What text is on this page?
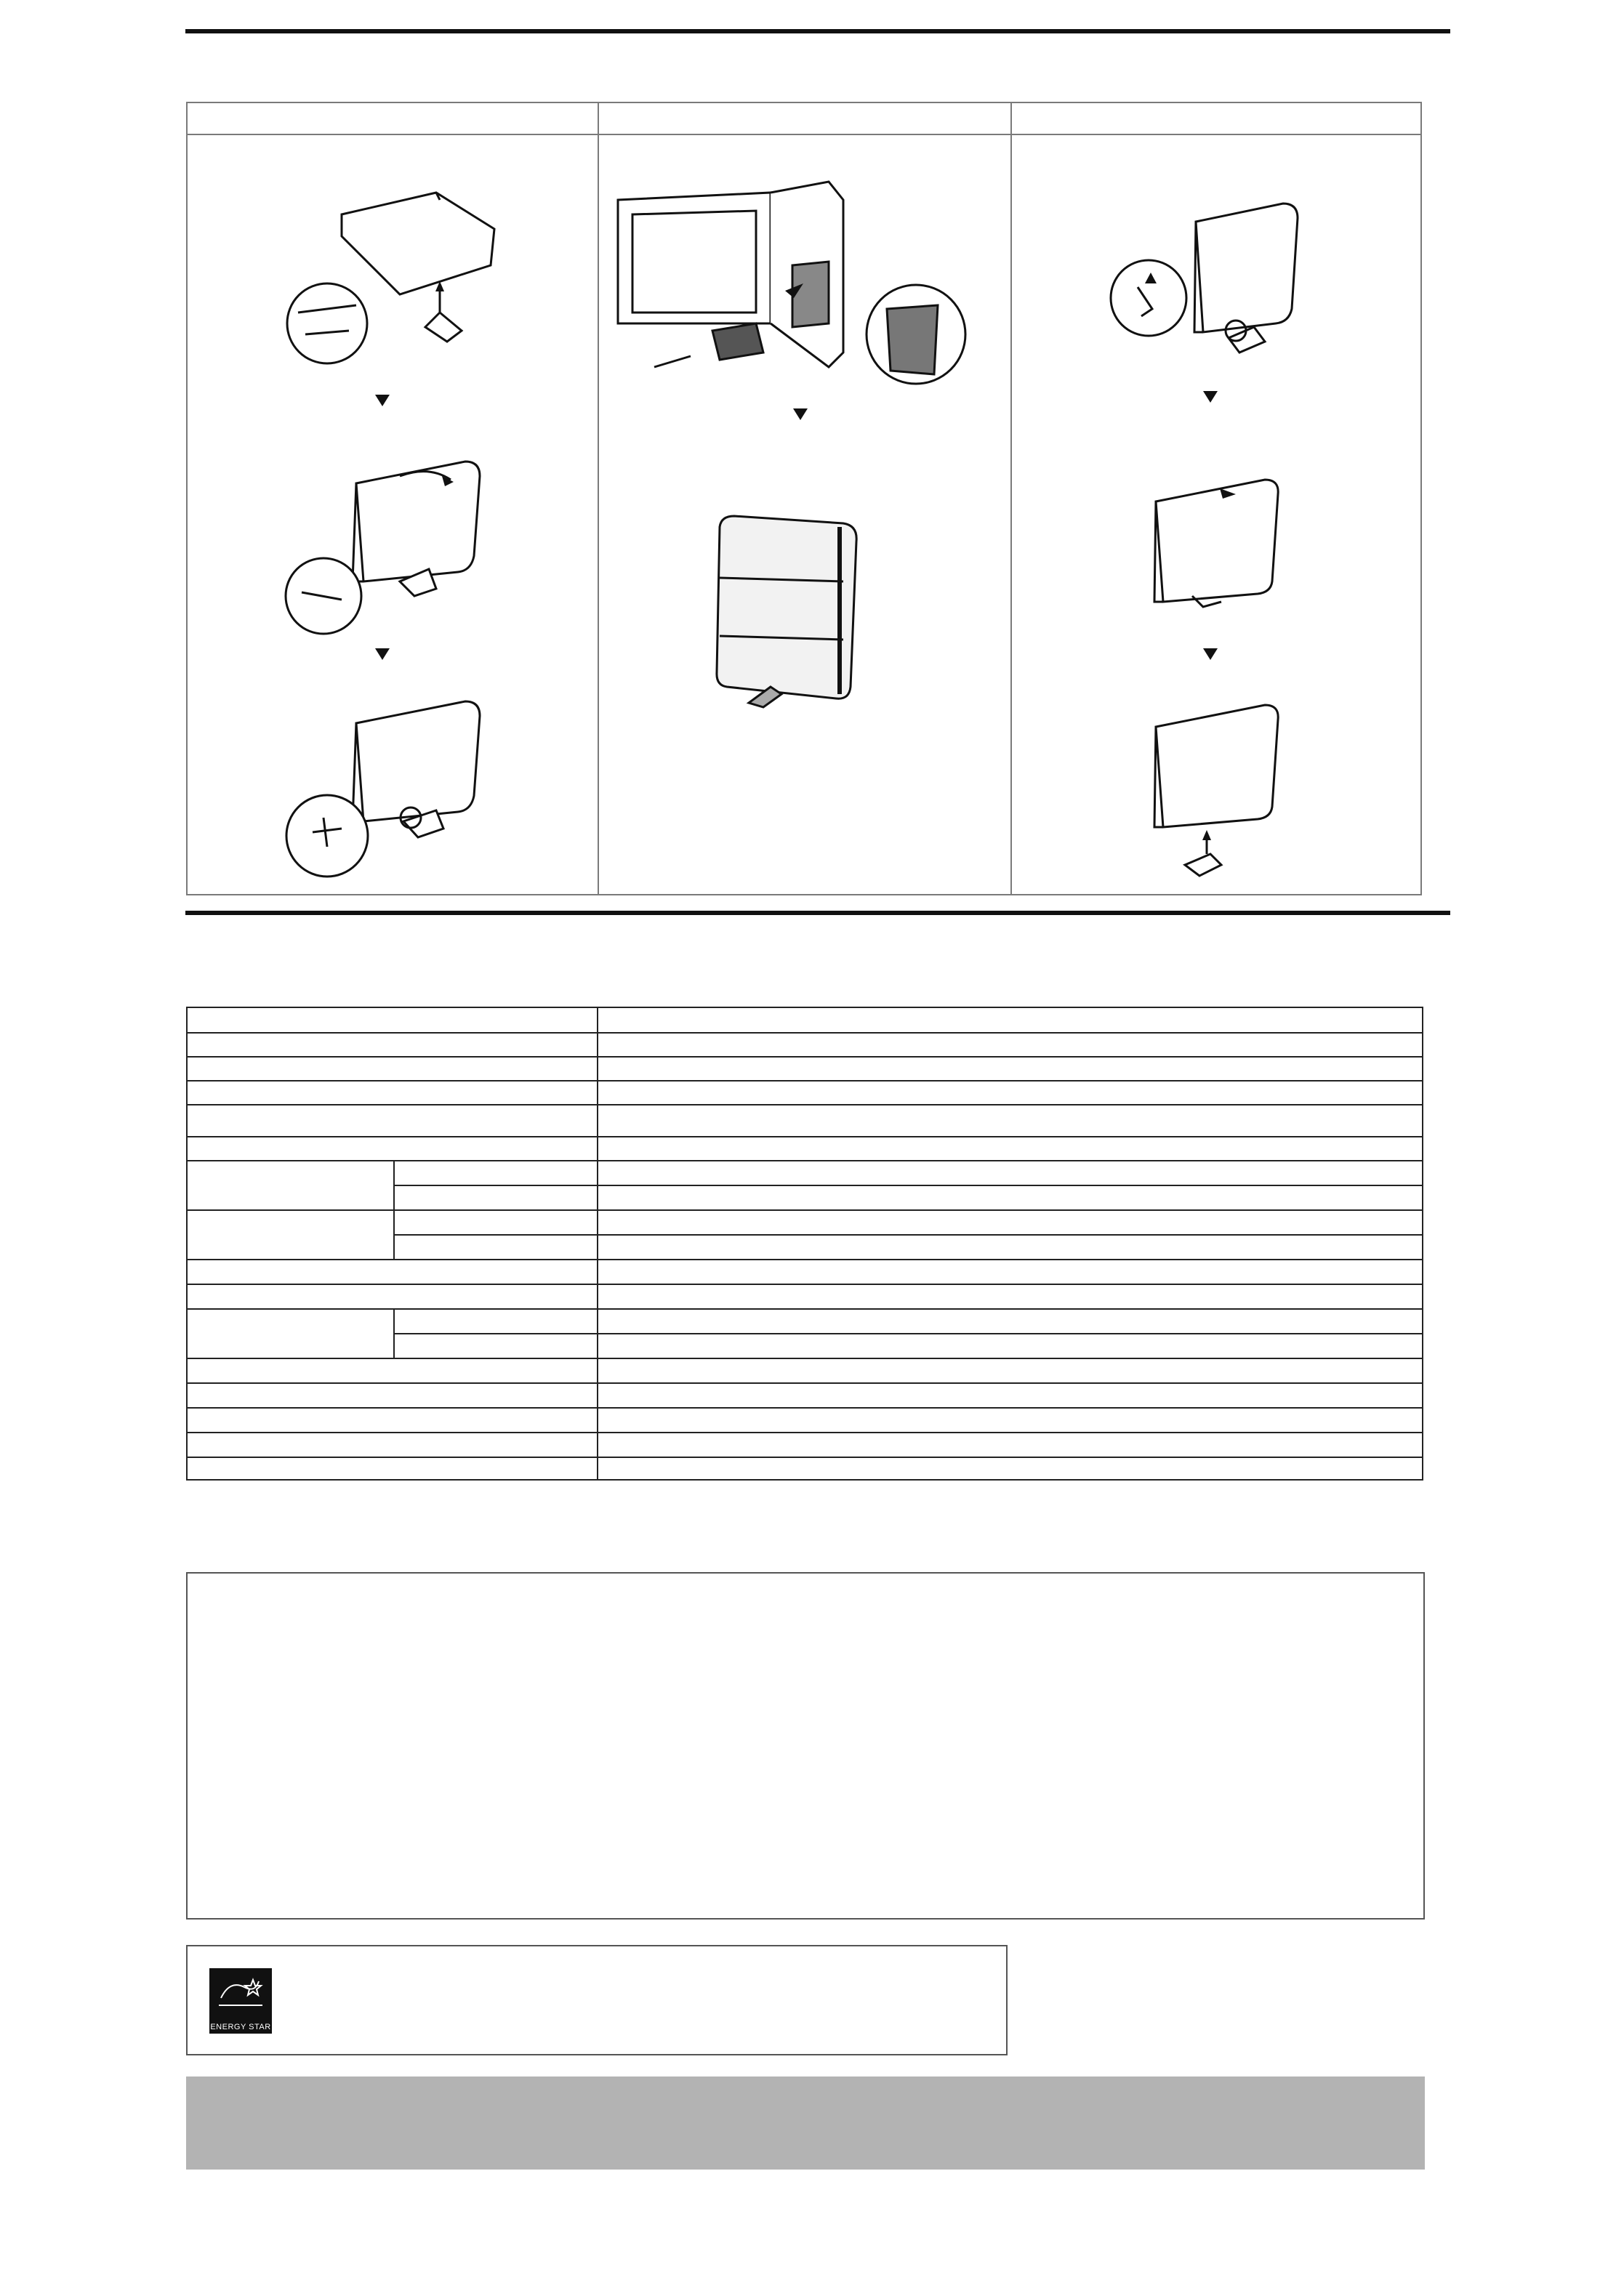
ENERGY STAR
